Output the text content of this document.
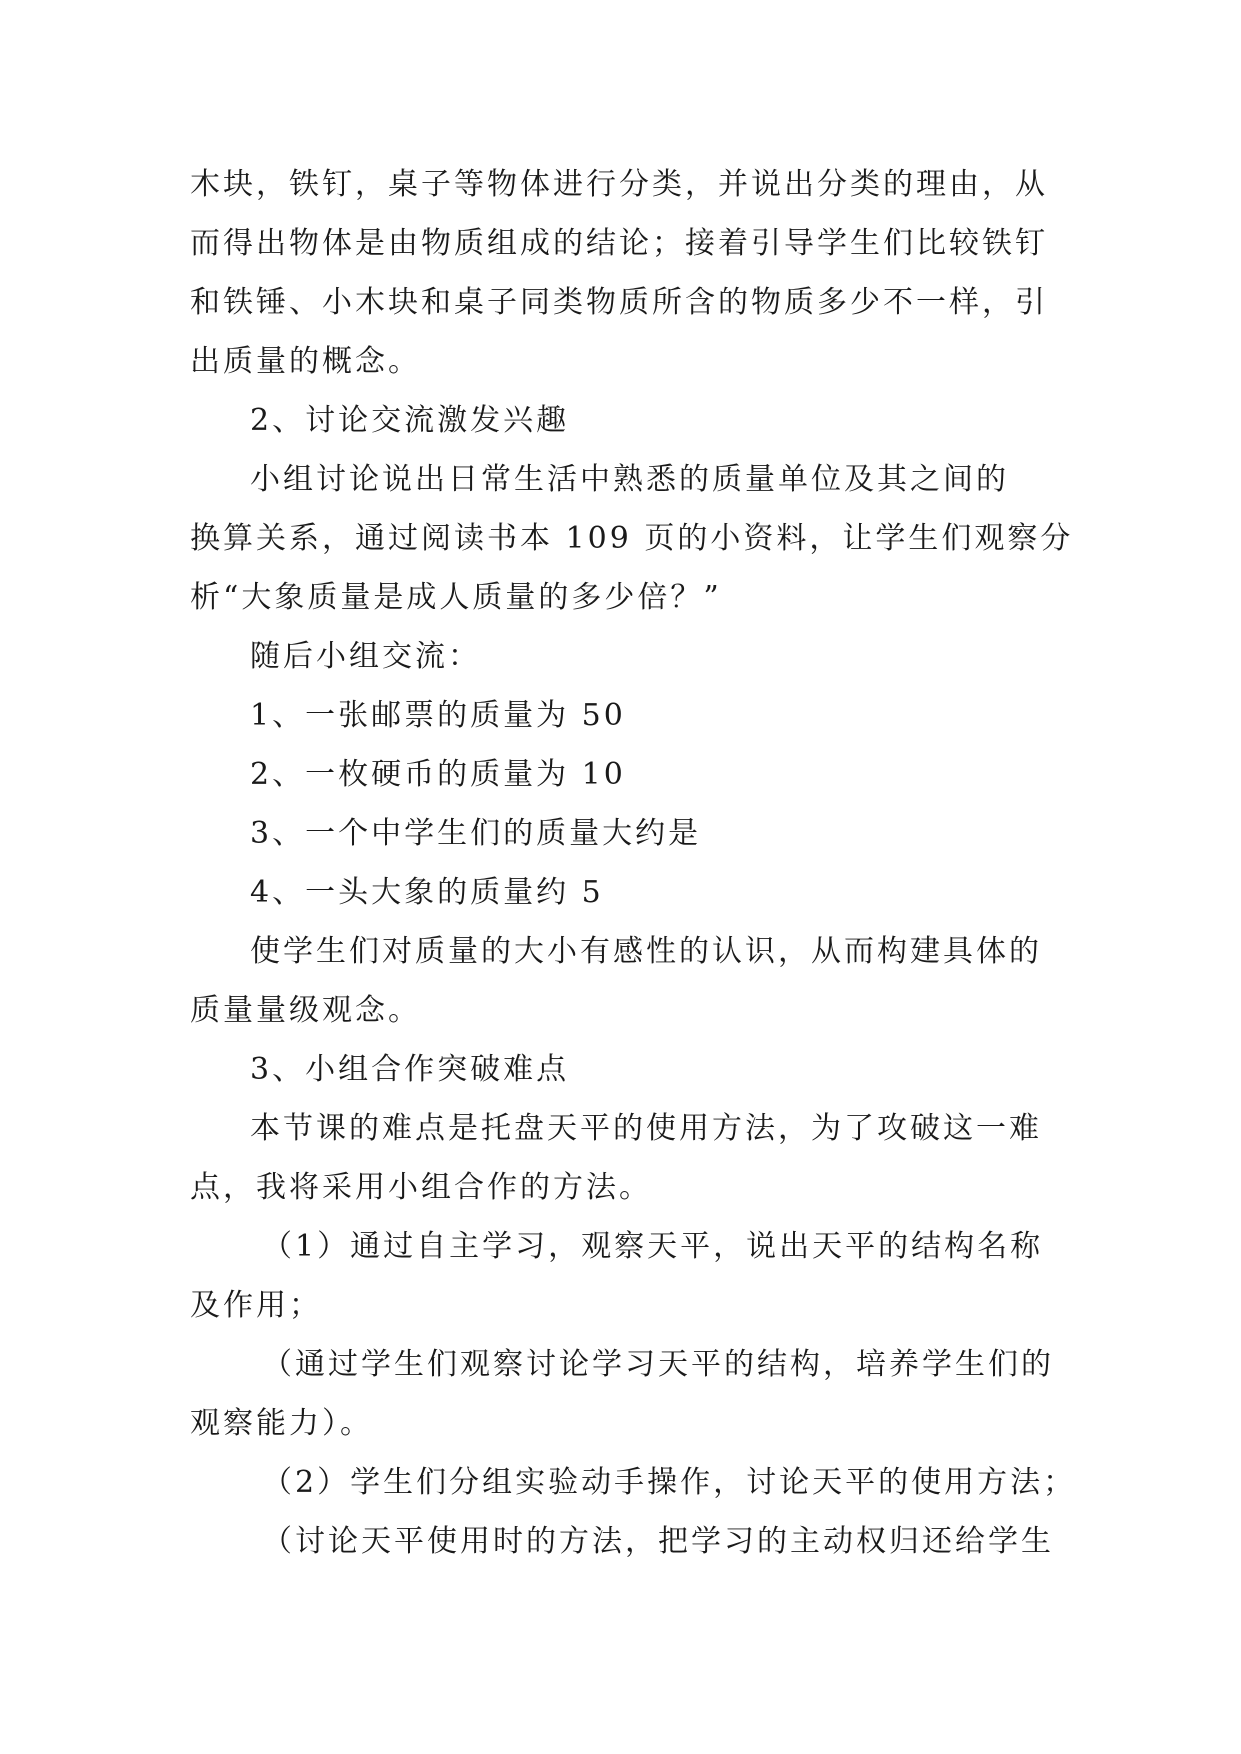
木块，铁钉，桌子等物体进行分类，并说出分类的理由，从
而得出物体是由物质组成的结论；接着引导学生们比较铁钉
和铁锤、小木块和桌子同类物质所含的物质多少不一样，引
出质量的概念。
2、讨论交流激发兴趣
小组讨论说出日常生活中熟悉的质量单位及其之间的
换算关系，通过阅读书本 109 页的小资料，让学生们观察分
析“大象质量是成人质量的多少倍？”
随后小组交流：
1、一张邮票的质量为 50
2、一枚硬币的质量为 10
3、一个中学生们的质量大约是
4、一头大象的质量约 5
使学生们对质量的大小有感性的认识，从而构建具体的
质量量级观念。
3、小组合作突破难点
本节课的难点是托盘天平的使用方法，为了攻破这一难
点，我将采用小组合作的方法。
（1）通过自主学习，观察天平，说出天平的结构名称
及作用；
（通过学生们观察讨论学习天平的结构，培养学生们的
观察能力）。
（2）学生们分组实验动手操作，讨论天平的使用方法；
（讨论天平使用时的方法，把学习的主动权归还给学生
